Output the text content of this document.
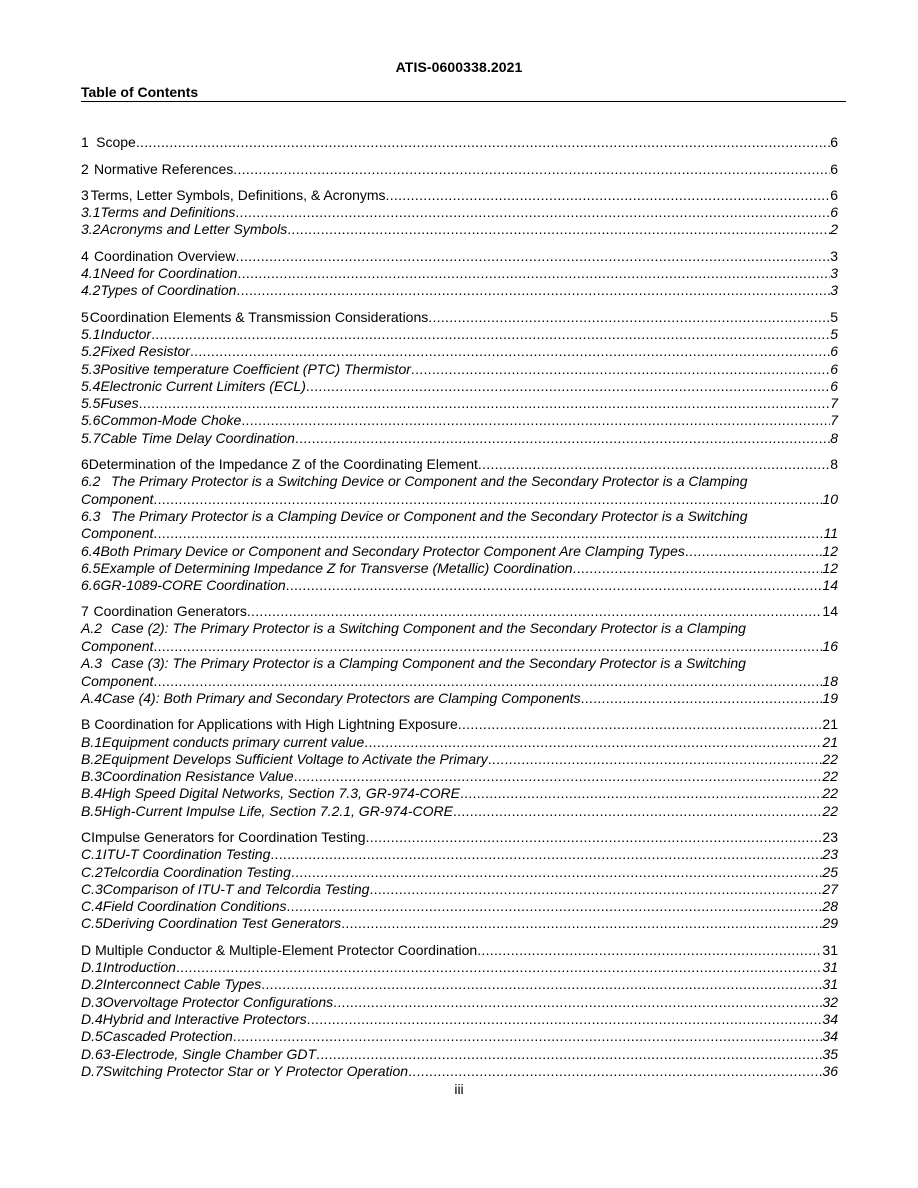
ATIS-0600338.2021
Table of Contents
1 Scope .....	6
2 Normative References .....	6
3 Terms, Letter Symbols, Definitions, & Acronyms .....	6
3.1 Terms and Definitions .....	6
3.2 Acronyms and Letter Symbols .....	2
4 Coordination Overview .....	3
4.1 Need for Coordination .....	3
4.2 Types of Coordination .....	3
5 Coordination Elements & Transmission Considerations .....	5
5.1 Inductor .....	5
5.2 Fixed Resistor .....	6
5.3 Positive temperature Coefficient (PTC) Thermistor .....	6
5.4 Electronic Current Limiters (ECL) .....	6
5.5 Fuses .....	7
5.6 Common-Mode Choke .....	7
5.7 Cable Time Delay Coordination .....	8
6 Determination of the Impedance Z of the Coordinating Element .....	8
6.2 The Primary Protector is a Switching Device or Component and the Secondary Protector is a Clamping
Component .....	10
6.3 The Primary Protector is a Clamping Device or Component and the Secondary Protector is a Switching
Component .....	11
6.4 Both Primary Device or Component and Secondary Protector Component Are Clamping Types .....	12
6.5 Example of Determining Impedance Z for Transverse (Metallic) Coordination .....	12
6.6 GR-1089-CORE Coordination .....	14
7 Coordination Generators .....	14
A.2 Case (2): The Primary Protector is a Switching Component and the Secondary Protector is a Clamping
Component .....	16
A.3 Case (3): The Primary Protector is a Clamping Component and the Secondary Protector is a Switching
Component .....	18
A.4 Case (4): Both Primary and Secondary Protectors are Clamping Components .....	19
B Coordination for Applications with High Lightning Exposure .....	21
B.1 Equipment conducts primary current value .....	21
B.2 Equipment Develops Sufficient Voltage to Activate the Primary .....	22
B.3 Coordination Resistance Value .....	22
B.4 High Speed Digital Networks, Section 7.3, GR-974-CORE .....	22
B.5 High-Current Impulse Life, Section 7.2.1, GR-974-CORE .....	22
C Impulse Generators for Coordination Testing .....	23
C.1 ITU-T Coordination Testing .....	23
C.2 Telcordia Coordination Testing .....	25
C.3 Comparison of ITU-T and Telcordia Testing .....	27
C.4 Field Coordination Conditions .....	28
C.5 Deriving Coordination Test Generators .....	29
D Multiple Conductor & Multiple-Element Protector Coordination .....	31
D.1 Introduction .....	31
D.2 Interconnect Cable Types .....	31
D.3 Overvoltage Protector Configurations .....	32
D.4 Hybrid and Interactive Protectors .....	34
D.5 Cascaded Protection .....	34
D.6 3-Electrode, Single Chamber GDT .....	35
D.7 Switching Protector Star or Y Protector Operation .....	36
iii
